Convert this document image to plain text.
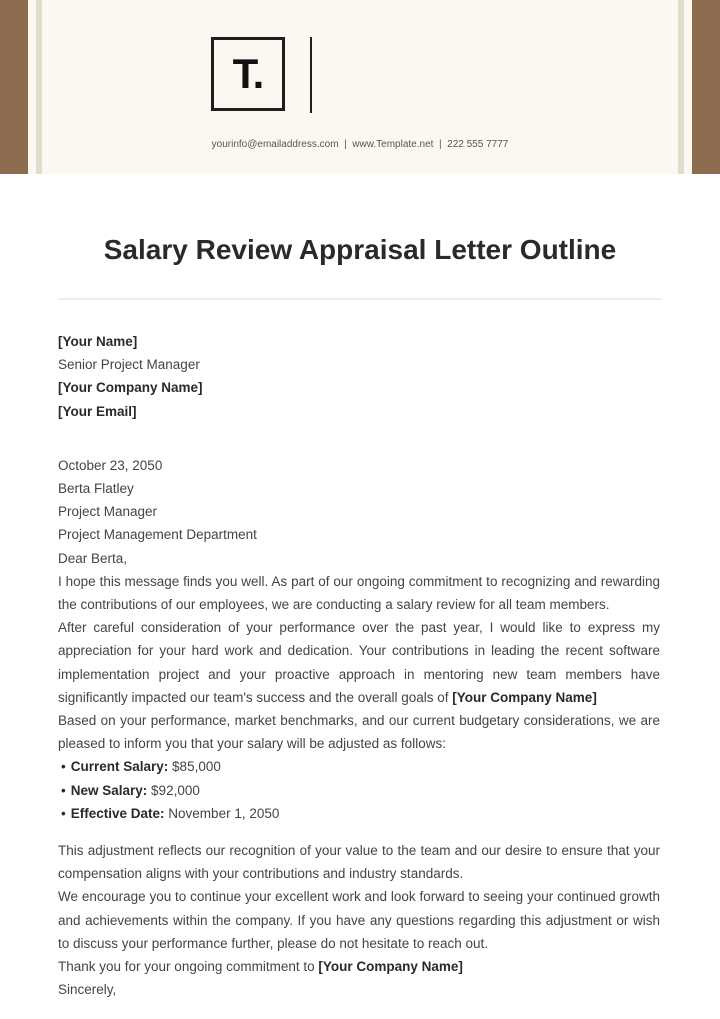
T.
yourinfo@emailaddress.com | www.Template.net | 222 555 7777
Salary Review Appraisal Letter Outline

[Your Name]

Senior Project Manager

[Your Company Name]

[Your Email]

October 23, 2050

Berta Flatley

Project Manager

Project Management Department

Dear Berta,

I hope this message finds you well. As part of our ongoing commitment to recognizing and rewarding the contributions of our employees, we are conducting a salary review for all team members.

After careful consideration of your performance over the past year, I would like to express my appreciation for your hard work and dedication. Your contributions in leading the recent software implementation project and your proactive approach in mentoring new team members have significantly impacted our team's success and the overall goals of [Your Company Name]

Based on your performance, market benchmarks, and our current budgetary considerations, we are pleased to inform you that your salary will be adjusted as follows:

• Current Salary: $85,000
• New Salary: $92,000
• Effective Date: November 1, 2050

This adjustment reflects our recognition of your value to the team and our desire to ensure that your compensation aligns with your contributions and industry standards.

We encourage you to continue your excellent work and look forward to seeing your continued growth and achievements within the company. If you have any questions regarding this adjustment or wish to discuss your performance further, please do not hesitate to reach out.

Thank you for your ongoing commitment to [Your Company Name]

Sincerely,
